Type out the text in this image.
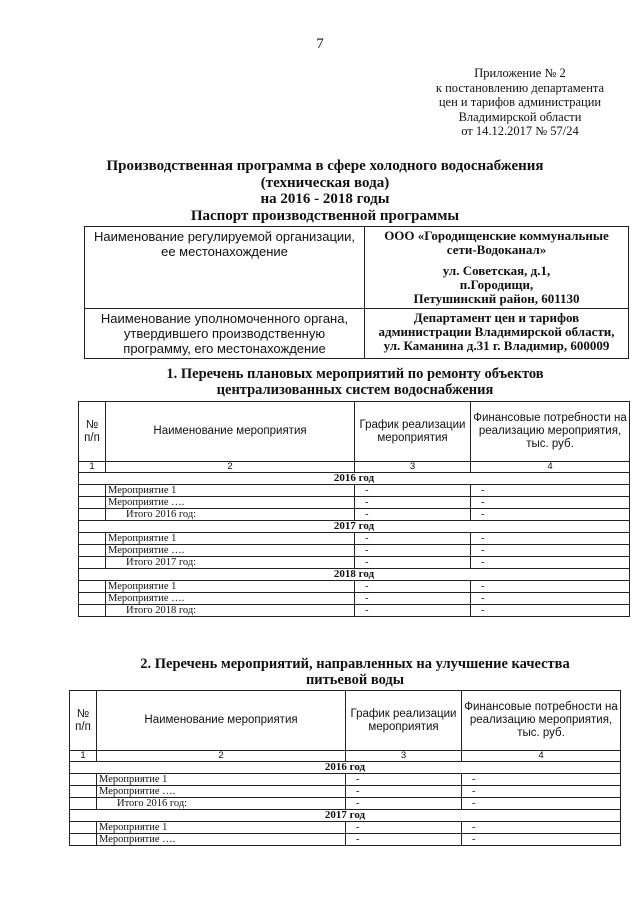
7
Приложение № 2
к постановлению департамента
цен и тарифов администрации
Владимирской области
от 14.12.2017 № 57/24
Производственная программа в сфере холодного водоснабжения
(техническая вода)
на 2016 - 2018 годы
Паспорт производственной программы
Наименование регулируемой организации, ее местонахождение	ООО «Городищенские коммунальные сети-Водоканал»
ул. Советская, д.1,
п.Городищи,
Петушинский район, 601130

Наименование уполномоченного органа, утвердившего производственную программу, его местонахождение	Департамент цен и тарифов администрации Владимирской области, ул. Каманина д.31 г. Владимир, 600009
1. Перечень плановых мероприятий по ремонту объектов
централизованных систем водоснабжения
№ п/п	Наименование мероприятия	График реализации мероприятия	Финансовые потребности на реализацию мероприятия, тыс. руб.
1	2	3	4
2016 год			
	Мероприятие 1	-	-
	Мероприятие ….	-	-
	Итого 2016 год:	-	-
2017 год			
	Мероприятие 1	-	-
	Мероприятие ….	-	-
	Итого 2017 год:	-	-
2018 год			
	Мероприятие 1	-	-
	Мероприятие ….	-	-
	Итого 2018 год:	-	-
2. Перечень мероприятий, направленных на улучшение качества
питьевой воды
№ п/п	Наименование мероприятия	График реализации мероприятия	Финансовые потребности на реализацию мероприятия, тыс. руб.
1	2	3	4
2016 год			
	Мероприятие 1	-	-
	Мероприятие ….	-	-
	Итого 2016 год:	-	-
2017 год			
	Мероприятие 1	-	-
	Мероприятие ….	-	-
